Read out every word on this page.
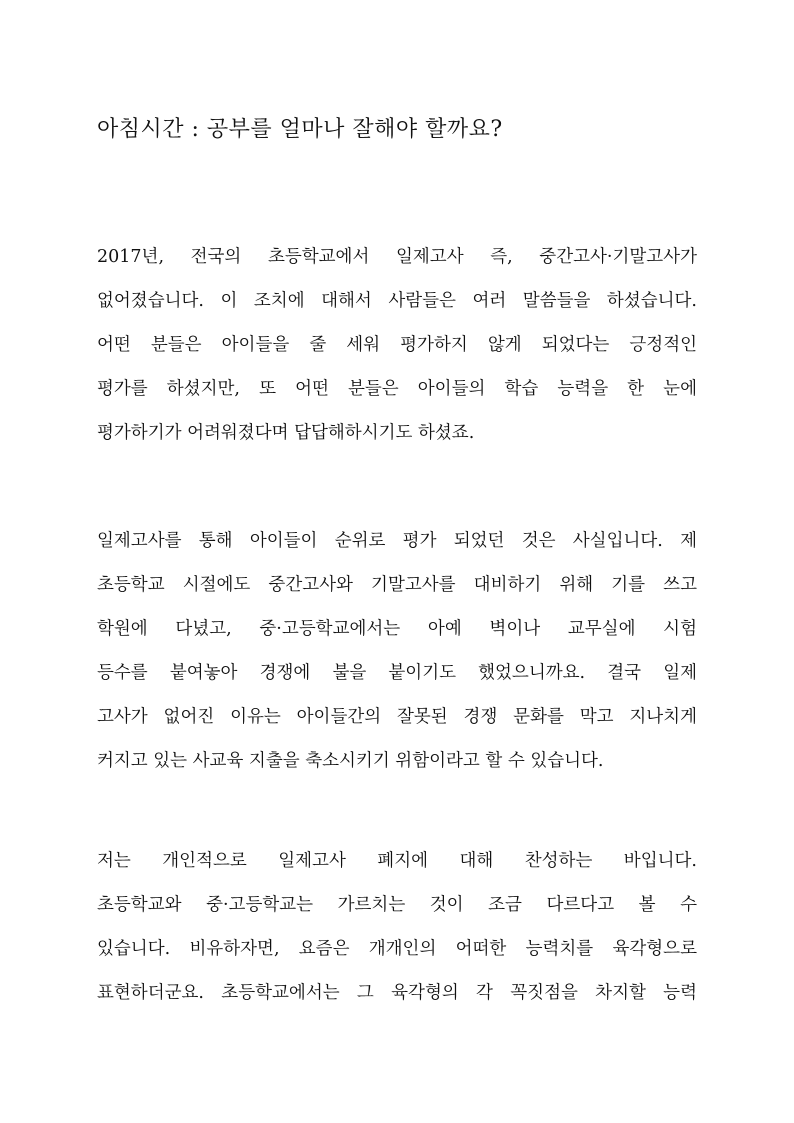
아침시간 : 공부를 얼마나 잘해야 할까요?
2017년, 전국의 초등학교에서 일제고사 즉, 중간고사·기말고사가
없어졌습니다. 이 조치에 대해서 사람들은 여러 말씀들을 하셨습니다.
어떤 분들은 아이들을 줄 세워 평가하지 않게 되었다는 긍정적인
평가를 하셨지만, 또 어떤 분들은 아이들의 학습 능력을 한 눈에
평가하기가 어려워졌다며 답답해하시기도 하셨죠.
일제고사를 통해 아이들이 순위로 평가 되었던 것은 사실입니다. 제
초등학교 시절에도 중간고사와 기말고사를 대비하기 위해 기를 쓰고
학원에 다녔고, 중·고등학교에서는 아예 벽이나 교무실에 시험
등수를 붙여놓아 경쟁에 불을 붙이기도 했었으니까요. 결국 일제
고사가 없어진 이유는 아이들간의 잘못된 경쟁 문화를 막고 지나치게
커지고 있는 사교육 지출을 축소시키기 위함이라고 할 수 있습니다.
저는 개인적으로 일제고사 폐지에 대해 찬성하는 바입니다.
초등학교와 중·고등학교는 가르치는 것이 조금 다르다고 볼 수
있습니다. 비유하자면, 요즘은 개개인의 어떠한 능력치를 육각형으로
표현하더군요. 초등학교에서는 그 육각형의 각 꼭짓점을 차지할 능력
